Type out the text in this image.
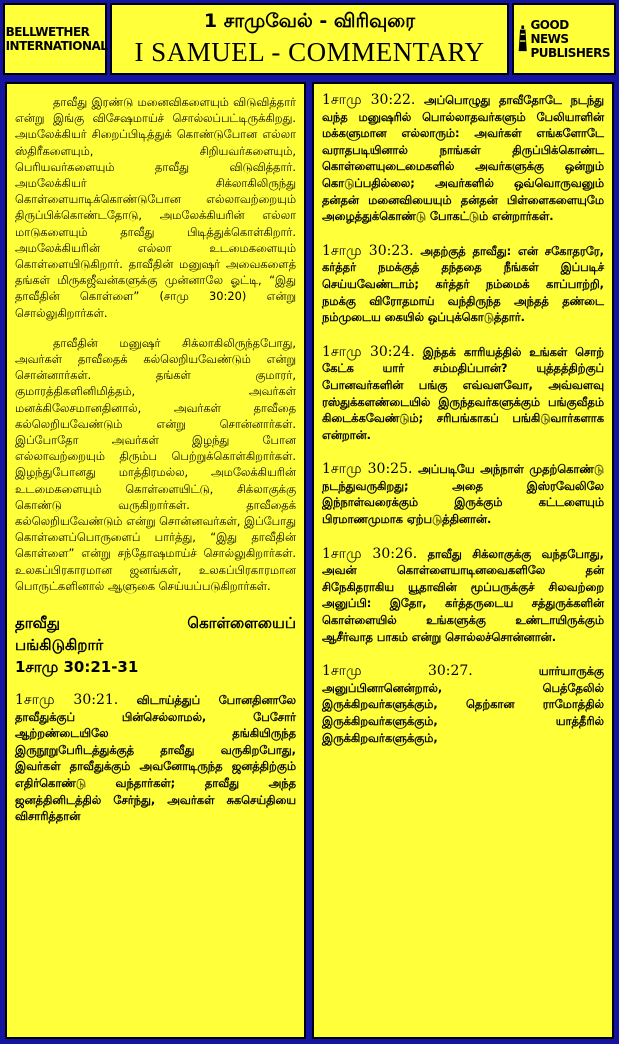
BELLWETHER
INTERNATIONAL
1 சாமுவேல் - விரிவுரை
I SAMUEL - COMMENTARY
GOOD NEWS
PUBLISHERS

தாவீது இரண்டு மனைவிகளையும் விடுவித்தார் என்று இங்கு விசேஷமாய்ச் சொல்லப்பட்டிருக்கிறது. அமலேக்கியர் சிறைப்பிடித்துக் கொண்டுபோன எல்லா ஸ்திரீகளையும், சிறியவர்களையும், பெரியவர்களையும் தாவீது விடுவித்தார். அமலேக்கியர் சிக்லாகிலிருந்து கொள்ளையாடிக்கொண்டுபோன எல்லாவற்றையும் திருப்பிக்கொண்டதோடு, அமலேக்கியரின் எல்லா மாடுகளையும் தாவீது பிடித்துக்கொள்கிறார். அமலேக்கியரின் எல்லா உடமைகளையும் கொள்ளையிடுகிறார். தாவீதின் மனுஷர் அவைகளைத் தங்கள் மிருகஜீவன்களுக்கு முன்னாலே ஓட்டி, “இது தாவீதின் கொள்ளை” (சாமு 30:20) என்று சொல்லுகிறார்கள்.

தாவீதின் மனுஷர் சிக்லாகிலிருந்தபோது, அவர்கள் தாவீதைக் கல்லெறியவேண்டும் என்று சொன்னார்கள். தங்கள் குமாரர், குமாரத்திகளினிமித்தம், அவர்கள் மனக்கிலேசமானதினால், அவர்கள் தாவீதை கல்லெறியவேண்டும் என்று சொன்னார்கள். இப்போதோ அவர்கள் இழந்து போன எல்லாவற்றையும் திரும்ப பெற்றுக்கொள்கிறார்கள். இழந்துபோனது மாத்திரமல்ல, அமலேக்கியரின் உடமைகளையும் கொள்ளையிட்டு, சிக்லாகுக்கு கொண்டு வருகிறார்கள். தாவீதைக் கல்லெறியவேண்டும் என்று சொன்னவர்கள், இப்போது கொள்ளைப்பொருளைப் பார்த்து, “இது தாவீதின் கொள்ளை” என்று சந்தோஷமாய்ச் சொல்லுகிறார்கள். உலகப்பிரகாரமான ஜனங்கள், உலகப்பிரகாரமான பொருட்களினால் ஆளுகை செய்யப்படுகிறார்கள்.

தாவீது	கொள்ளையைப்
பங்கிடுகிறார்
1சாமு 30:21-31

1சாமு 30:21. விடாய்த்துப் போனதினாலே தாவீதுக்குப் பின்செல்லாமல், பேசோர் ஆற்றண்டையிலே தங்கியிருந்த இருநூறுபேரிடத்துக்குத் தாவீது வருகிறபோது, இவர்கள் தாவீதுக்கும் அவனோடிருந்த ஜனத்திற்கும் எதிர்கொண்டு வந்தார்கள்; தாவீது அந்த ஜனத்தினிடத்தில் சேர்ந்து, அவர்கள் சுகசெய்தியை விசாரித்தான்

1சாமு 30:22. அப்பொழுது தாவீதோடே நடந்து வந்த மனுஷரில் பொல்லாதவர்களும் பேலியாளின் மக்களுமான எல்லாரும்: அவர்கள் எங்களோடே வராதபடியினால் நாங்கள் திருப்பிக்கொண்ட கொள்ளையுடைமைகளில் அவர்களுக்கு ஒன்றும் கொடுப்பதில்லை; அவர்களில் ஒவ்வொருவனும் தன்தன் மனைவியையும் தன்தன் பிள்ளைகளையுமே அழைத்துக்கொண்டு போகட்டும் என்றார்கள்.

1சாமு 30:23. அதற்குத் தாவீது: என் சகோதரரே, கர்த்தர் நமக்குத் தந்ததை நீங்கள் இப்படிச் செய்யவேண்டாம்; கர்த்தர் நம்மைக் காப்பாற்றி, நமக்கு விரோதமாய் வந்திருந்த அந்தத் தண்டை நம்முடைய கையில் ஒப்புக்கொடுத்தார்.

1சாமு 30:24. இந்தக் காரியத்தில் உங்கள் சொற் கேட்க யார் சம்மதிப்பான்? யுத்தத்திற்குப் போனவர்களின் பங்கு எவ்வளவோ, அவ்வளவு ரஸ்துக்களண்டையில் இருந்தவர்களுக்கும் பங்குவீதம் கிடைக்கவேண்டும்; சரிபங்காகப் பங்கிடுவார்களாக என்றான்.

1சாமு 30:25. அப்படியே அந்நாள் முதற்கொண்டு நடந்துவருகிறது; அதை இஸ்ரவேலிலே இந்நாள்வரைக்கும் இருக்கும் கட்டளையும் பிரமாணமுமாக ஏற்படுத்தினான்.

1சாமு 30:26. தாவீது சிக்லாகுக்கு வந்தபோது, அவன் கொள்ளையாடினவைகளிலே தன் சிநேகிதராகிய யூதாவின் மூப்பருக்குச் சிலவற்றை அனுப்பி: இதோ, கர்த்தருடைய சத்துருக்களின் கொள்ளையில் உங்களுக்கு உண்டாயிருக்கும் ஆசீர்வாத பாகம் என்று சொல்லச்சொன்னான்.

1சாமு 30:27.	யார்யாருக்கு அனுப்பினானென்றால், பெத்தேலில் இருக்கிறவர்களுக்கும், தெற்கான ராமோத்தில் இருக்கிறவர்களுக்கும், யாத்தீரில் இருக்கிறவர்களுக்கும்,
